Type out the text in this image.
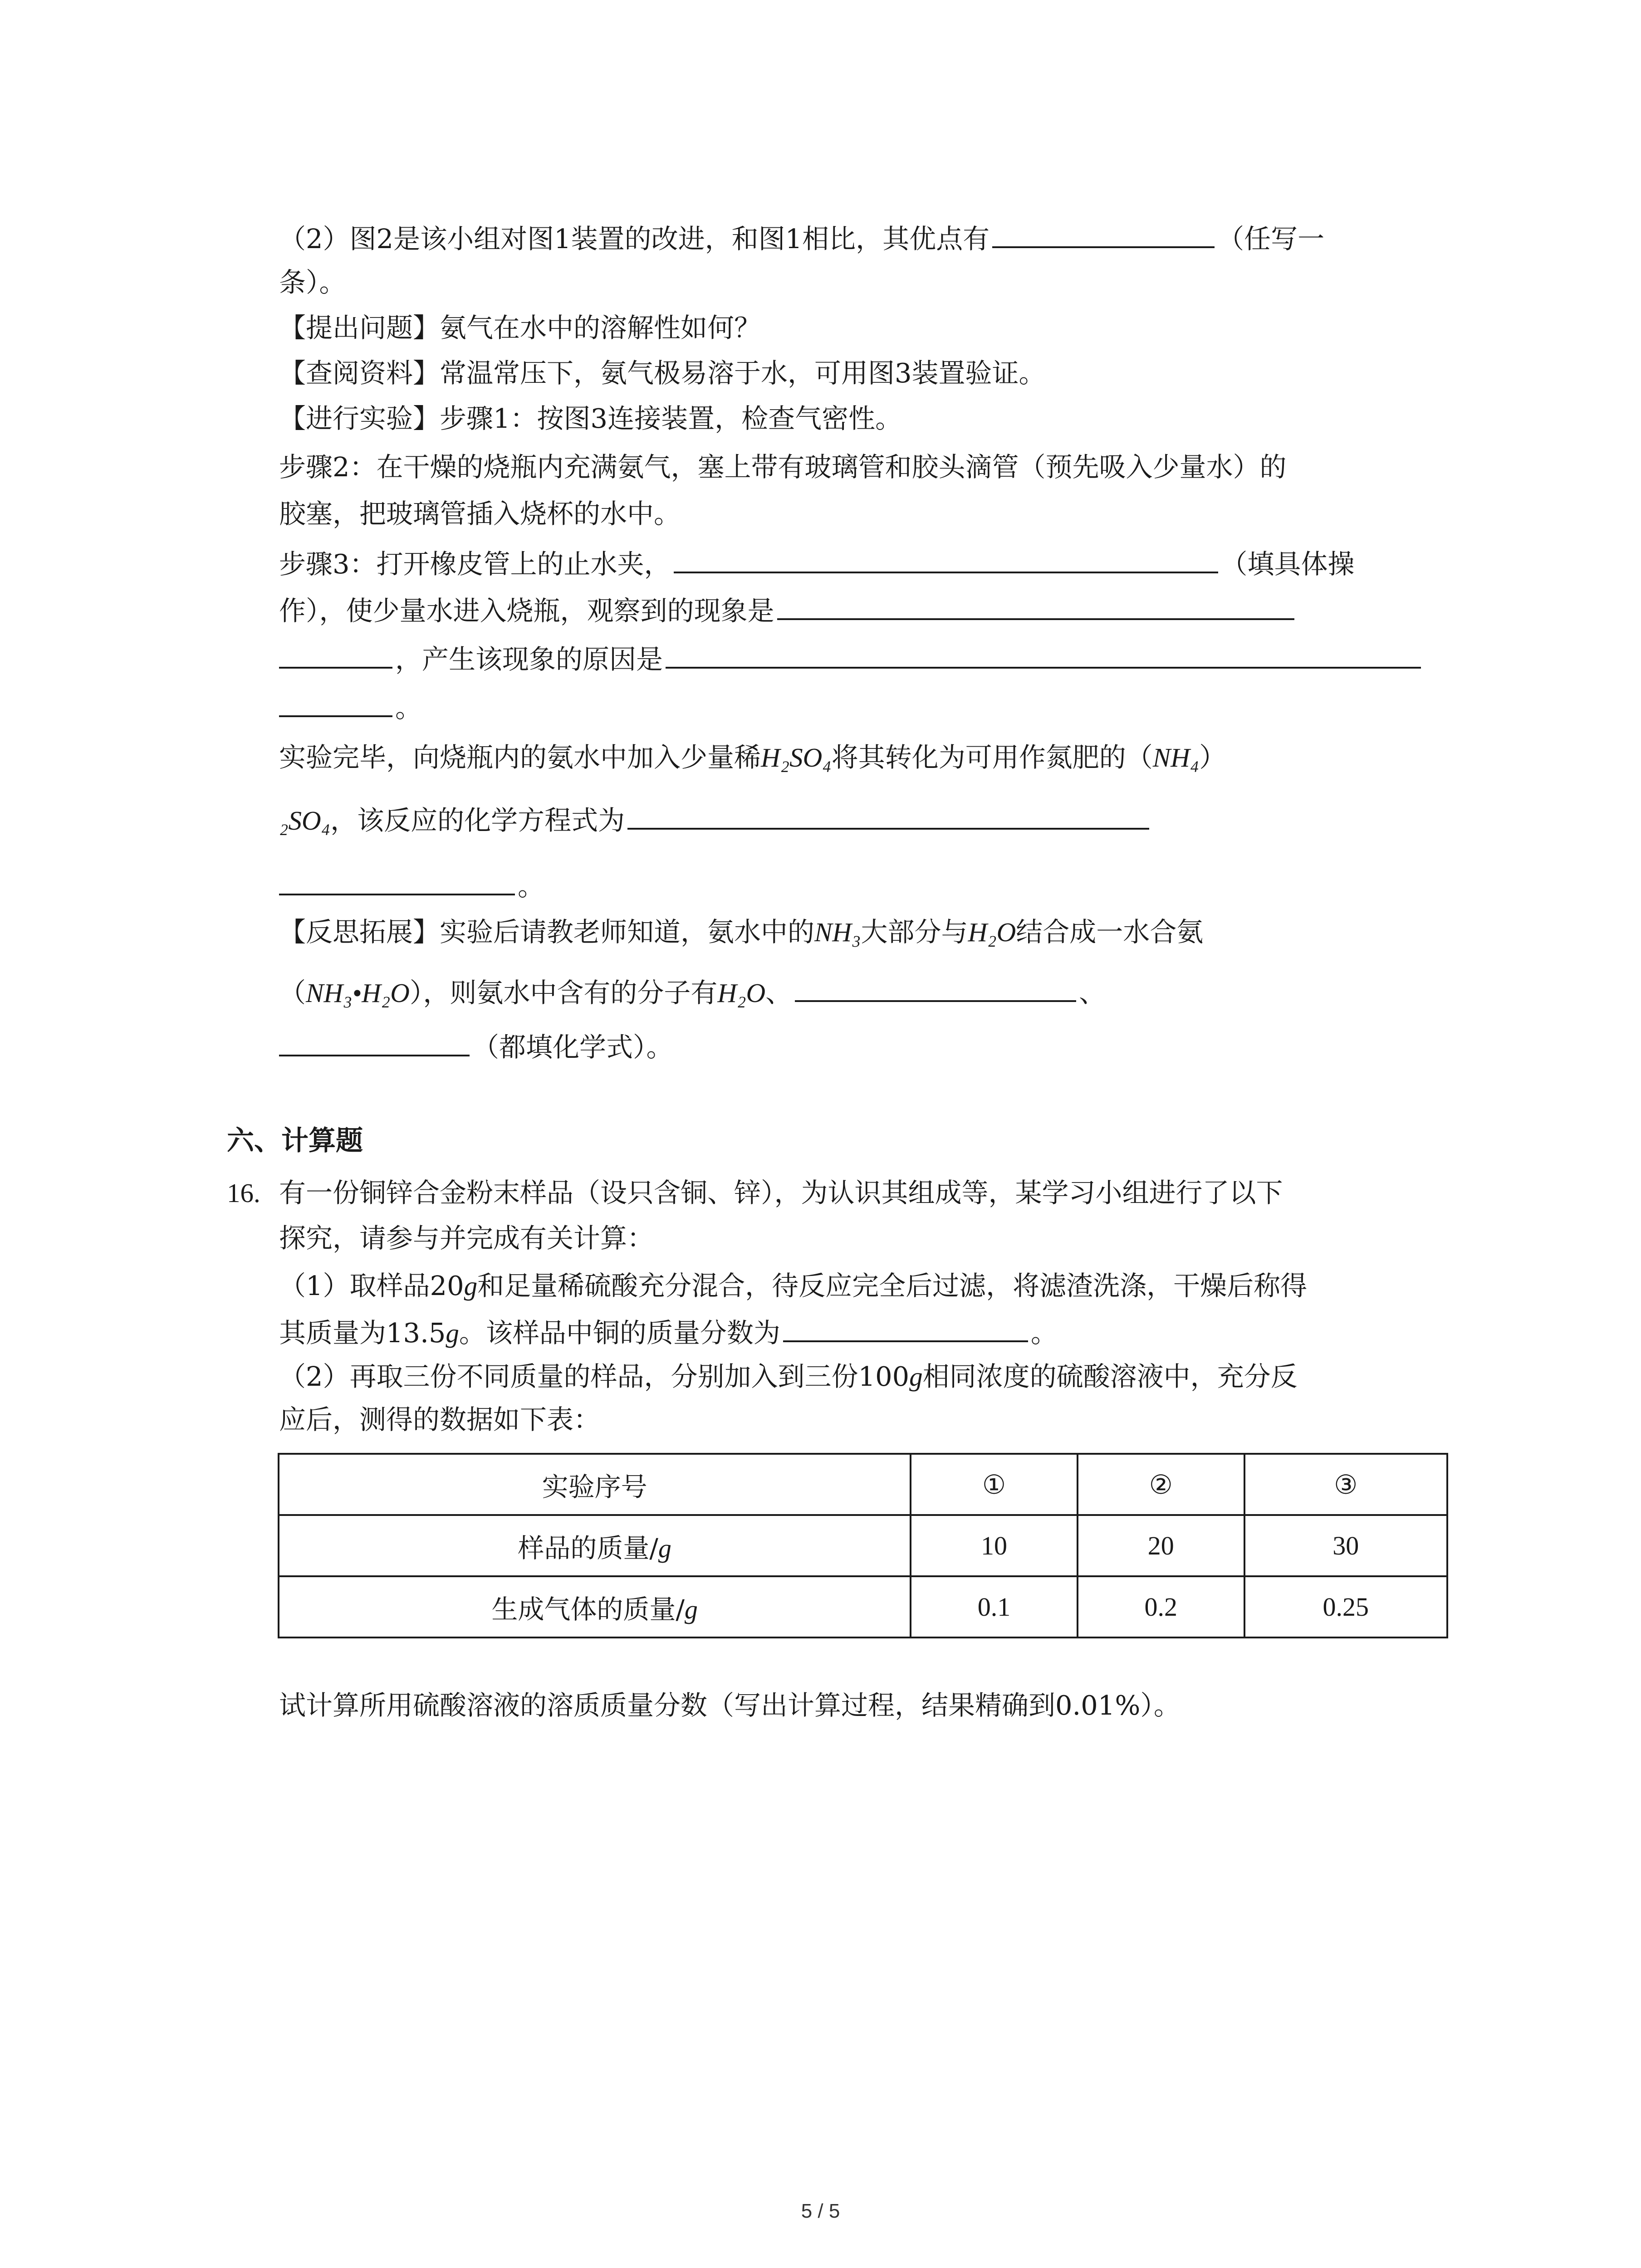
（2）图2是该小组对图1装置的改进，和图1相比，其优点有	（任写一
条）。
【提出问题】氨气在水中的溶解性如何？
【查阅资料】常温常压下，氨气极易溶于水，可用图3装置验证。
【进行实验】步骤1：按图3连接装置，检查气密性。
步骤2：在干燥的烧瓶内充满氨气，塞上带有玻璃管和胶头滴管（预先吸入少量水）的
胶塞，把玻璃管插入烧杯的水中。
步骤3：打开橡皮管上的止水夹，	（填具体操
作），使少量水进入烧瓶，观察到的现象是
，产生该现象的原因是
。
实验完毕，向烧瓶内的氨水中加入少量稀H₂SO₄将其转化为可用作氮肥的（NH₄）
₂SO₄，该反应的化学方程式为
。
【反思拓展】实验后请教老师知道，氨水中的NH₃大部分与H₂O结合成一水合氨
（NH₃•H₂O），则氨水中含有的分子有H₂O、	、
（都填化学式）。
六、计算题
16. 有一份铜锌合金粉末样品（设只含铜、锌），为认识其组成等，某学习小组进行了以下
探究，请参与并完成有关计算：
（1）取样品20g和足量稀硫酸充分混合，待反应完全后过滤，将滤渣洗涤，干燥后称得
其质量为13.5g。该样品中铜的质量分数为	。
（2）再取三份不同质量的样品，分别加入到三份100g相同浓度的硫酸溶液中，充分反
应后，测得的数据如下表：
实验序号	①	②	③
样品的质量/g	10	20	30
生成气体的质量/g	0.1	0.2	0.25
试计算所用硫酸溶液的溶质质量分数（写出计算过程，结果精确到0.01%）。
5 / 5
